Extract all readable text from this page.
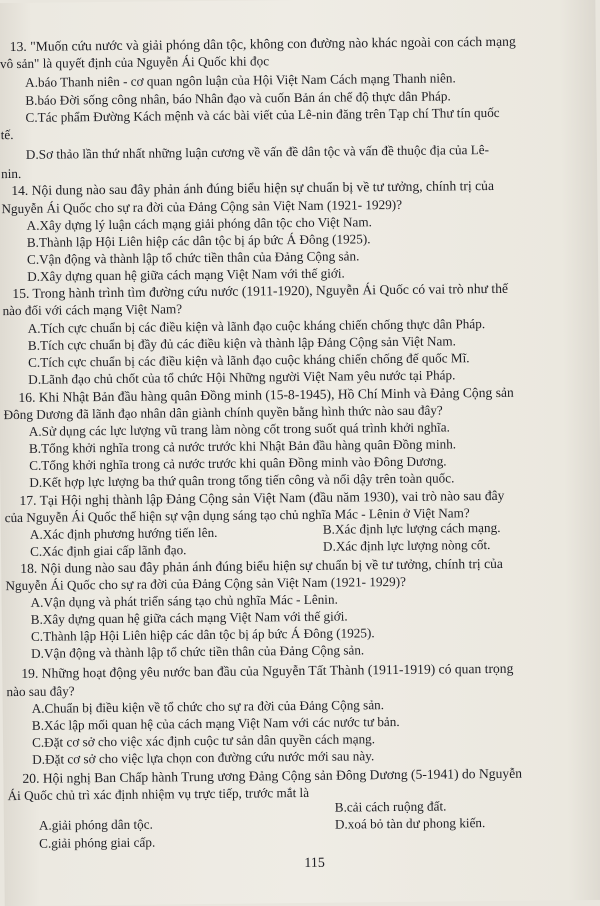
13. "Muốn cứu nước và giải phóng dân tộc, không con đường nào khác ngoài con cách mạng
vô sản" là quyết định của Nguyễn Ái Quốc khi đọc
A.báo Thanh niên - cơ quan ngôn luận của Hội Việt Nam Cách mạng Thanh niên.
B.báo Đời sống công nhân, báo Nhân đạo và cuốn Bản án chế độ thực dân Pháp.
C.Tác phẩm Đường Kách mệnh và các bài viết của Lê-nin đăng trên Tạp chí Thư tín quốc
tế.
D.Sơ thảo lần thứ nhất những luận cương về vấn đề dân tộc và vấn đề thuộc địa của Lê-
nin.
14. Nội dung nào sau đây phản ánh đúng biểu hiện sự chuẩn bị về tư tưởng, chính trị của
Nguyễn Ái Quốc cho sự ra đời của Đảng Cộng sản Việt Nam (1921- 1929)?
A.Xây dựng lý luận cách mạng giải phóng dân tộc cho Việt Nam.
B.Thành lập Hội Liên hiệp các dân tộc bị áp bức Á Đông (1925).
C.Vận động và thành lập tổ chức tiền thân của Đảng Cộng sản.
D.Xây dựng quan hệ giữa cách mạng Việt Nam với thế giới.
15. Trong hành trình tìm đường cứu nước (1911-1920), Nguyễn Ái Quốc có vai trò như thế
nào đối với cách mạng Việt Nam?
A.Tích cực chuẩn bị các điều kiện và lãnh đạo cuộc kháng chiến chống thực dân Pháp.
B.Tích cực chuẩn bị đầy đủ các điều kiện và thành lập Đảng Cộng sản Việt Nam.
C.Tích cực chuẩn bị các điều kiện và lãnh đạo cuộc kháng chiến chống đế quốc Mĩ.
D.Lãnh đạo chủ chốt của tổ chức Hội Những người Việt Nam yêu nước tại Pháp.
16. Khi Nhật Bản đầu hàng quân Đồng minh (15-8-1945), Hồ Chí Minh và Đảng Cộng sản
Đông Dương đã lãnh đạo nhân dân giành chính quyền bằng hình thức nào sau đây?
A.Sử dụng các lực lượng vũ trang làm nòng cốt trong suốt quá trình khởi nghĩa.
B.Tổng khởi nghĩa trong cả nước trước khi Nhật Bản đầu hàng quân Đồng minh.
C.Tổng khởi nghĩa trong cả nước trước khi quân Đồng minh vào Đông Dương.
D.Kết hợp lực lượng ba thứ quân trong tổng tiến công và nổi dậy trên toàn quốc.
17. Tại Hội nghị thành lập Đảng Cộng sản Việt Nam (đầu năm 1930), vai trò nào sau đây
của Nguyễn Ái Quốc thể hiện sự vận dụng sáng tạo chủ nghĩa Mác - Lênin ở Việt Nam?
A.Xác định phương hướng tiến lên.	B.Xác định lực lượng cách mạng.
C.Xác định giai cấp lãnh đạo.	D.Xác định lực lượng nòng cốt.
18. Nội dung nào sau đây phản ánh đúng biểu hiện sự chuẩn bị về tư tưởng, chính trị của
Nguyễn Ái Quốc cho sự ra đời của Đảng Cộng sản Việt Nam (1921- 1929)?
A.Vận dụng và phát triển sáng tạo chủ nghĩa Mác - Lênin.
B.Xây dựng quan hệ giữa cách mạng Việt Nam với thế giới.
C.Thành lập Hội Liên hiệp các dân tộc bị áp bức Á Đông (1925).
D.Vận động và thành lập tổ chức tiền thân của Đảng Cộng sản.
19. Những hoạt động yêu nước ban đầu của Nguyễn Tất Thành (1911-1919) có quan trọng
nào sau đây?
A.Chuẩn bị điều kiện về tổ chức cho sự ra đời của Đảng Cộng sản.
B.Xác lập mối quan hệ của cách mạng Việt Nam với các nước tư bản.
C.Đặt cơ sở cho việc xác định cuộc tư sản dân quyền cách mạng.
D.Đặt cơ sở cho việc lựa chọn con đường cứu nước mới sau này.
20. Hội nghị Ban Chấp hành Trung ương Đảng Cộng sản Đông Dương (5-1941) do Nguyễn
Ái Quốc chủ trì xác định nhiệm vụ trực tiếp, trước mắt là
A.giải phóng dân tộc.
B.cải cách ruộng đất.
C.giải phóng giai cấp.
D.xoá bỏ tàn dư phong kiến.
115
